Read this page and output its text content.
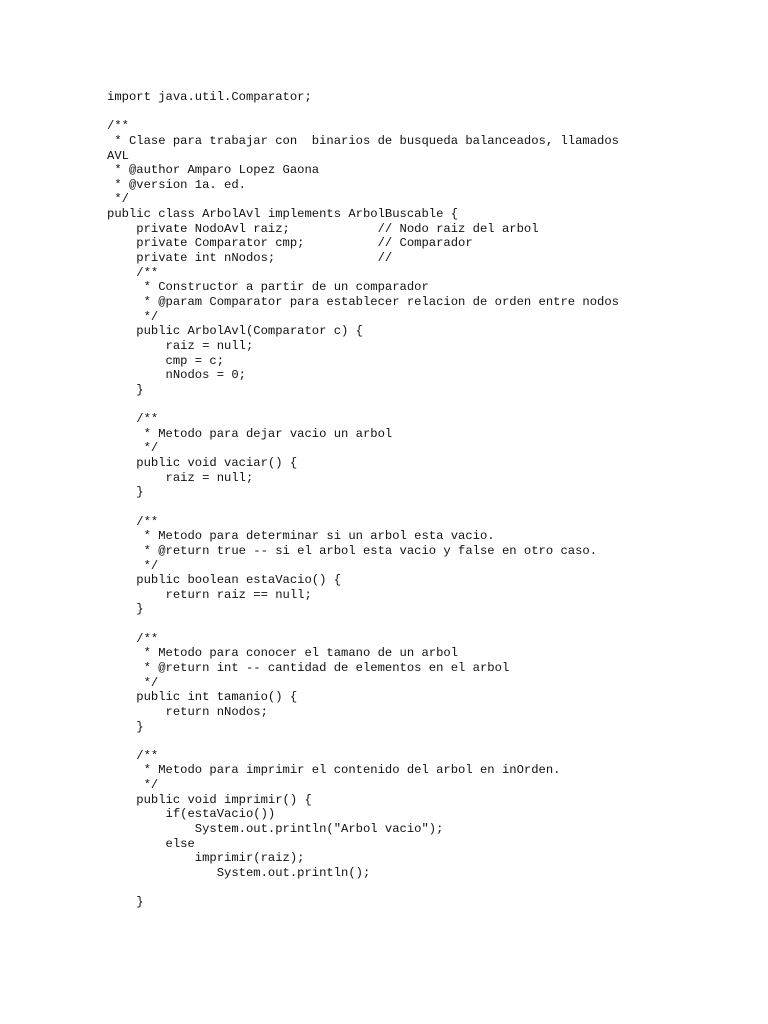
import java.util.Comparator;
/**
* Clase para trabajar con  binarios de busqueda balanceados, llamados
AVL
* @author Amparo Lopez Gaona
* @version 1a. ed.
*/
public class ArbolAvl implements ArbolBuscable {
private NodoAvl raiz;            // Nodo raiz del arbol
private Comparator cmp;          // Comparador
private int nNodos;              //
/**
* Constructor a partir de un comparador
* @param Comparator para establecer relacion de orden entre nodos
*/
public ArbolAvl(Comparator c) {
raiz = null;
cmp = c;
nNodos = 0;
}
/**
* Metodo para dejar vacio un arbol
*/
public void vaciar() {
raiz = null;
}
/**
* Metodo para determinar si un arbol esta vacio.
* @return true -- si el arbol esta vacio y false en otro caso.
*/
public boolean estaVacio() {
return raiz == null;
}
/**
* Metodo para conocer el tamano de un arbol
* @return int -- cantidad de elementos en el arbol
*/
public int tamanio() {
return nNodos;
}
/**
* Metodo para imprimir el contenido del arbol en inOrden.
*/
public void imprimir() {
if(estaVacio())
System.out.println("Arbol vacio");
else
imprimir(raiz);
System.out.println();
}
